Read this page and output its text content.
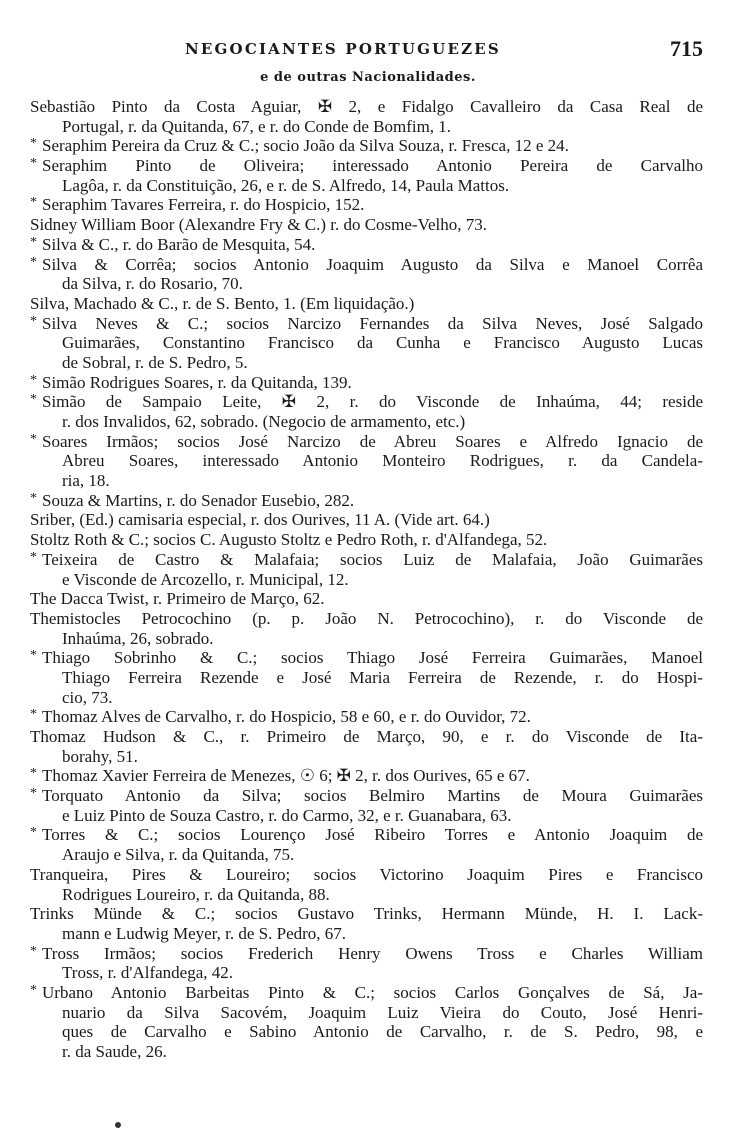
NEGOCIANTES PORTUGUEZES	715
e de outras Nacionalidades.
Sebastião Pinto da Costa Aguiar, ✠ 2, e Fidalgo Cavalleiro da Casa Real de
Portugal, r. da Quitanda, 67, e r. do Conde de Bomfim, 1.
* Seraphim Pereira da Cruz & C.; socio João da Silva Souza, r. Fresca, 12 e 24.
* Seraphim Pinto de Oliveira; interessado Antonio Pereira de Carvalho
Lagôa, r. da Constituição, 26, e r. de S. Alfredo, 14, Paula Mattos.
* Seraphim Tavares Ferreira, r. do Hospicio, 152.
Sidney William Boor (Alexandre Fry & C.) r. do Cosme-Velho, 73.
* Silva & C., r. do Barão de Mesquita, 54.
* Silva & Corrêa; socios Antonio Joaquim Augusto da Silva e Manoel Corrêa
da Silva, r. do Rosario, 70.
Silva, Machado & C., r. de S. Bento, 1. (Em liquidação.)
* Silva Neves & C.; socios Narcizo Fernandes da Silva Neves, José Salgado
Guimarães, Constantino Francisco da Cunha e Francisco Augusto Lucas
de Sobral, r. de S. Pedro, 5.
* Simão Rodrigues Soares, r. da Quitanda, 139.
* Simão de Sampaio Leite, ✠ 2, r. do Visconde de Inhaúma, 44; reside
r. dos Invalidos, 62, sobrado. (Negocio de armamento, etc.)
* Soares Irmãos; socios José Narcizo de Abreu Soares e Alfredo Ignacio de
Abreu Soares, interessado Antonio Monteiro Rodrigues, r. da Candela-
ria, 18.
* Souza & Martins, r. do Senador Eusebio, 282.
Sriber, (Ed.) camisaria especial, r. dos Ourives, 11 A. (Vide art. 64.)
Stoltz Roth & C.; socios C. Augusto Stoltz e Pedro Roth, r. d'Alfandega, 52.
* Teixeira de Castro & Malafaia; socios Luiz de Malafaia, João Guimarães
e Visconde de Arcozello, r. Municipal, 12.
The Dacca Twist, r. Primeiro de Março, 62.
Themistocles Petrocochino (p. p. João N. Petrocochino), r. do Visconde de
Inhaúma, 26, sobrado.
* Thiago Sobrinho & C.; socios Thiago José Ferreira Guimarães, Manoel
Thiago Ferreira Rezende e José Maria Ferreira de Rezende, r. do Hospi-
cio, 73.
* Thomaz Alves de Carvalho, r. do Hospicio, 58 e 60, e r. do Ouvidor, 72.
Thomaz Hudson & C., r. Primeiro de Março, 90, e r. do Visconde de Ita-
borahy, 51.
* Thomaz Xavier Ferreira de Menezes, ☉ 6; ✠ 2, r. dos Ourives, 65 e 67.
* Torquato Antonio da Silva; socios Belmiro Martins de Moura Guimarães
e Luiz Pinto de Souza Castro, r. do Carmo, 32, e r. Guanabara, 63.
* Torres & C.; socios Lourenço José Ribeiro Torres e Antonio Joaquim de
Araujo e Silva, r. da Quitanda, 75.
Tranqueira, Pires & Loureiro; socios Victorino Joaquim Pires e Francisco
Rodrigues Loureiro, r. da Quitanda, 88.
Trinks Münde & C.; socios Gustavo Trinks, Hermann Münde, H. I. Lack-
mann e Ludwig Meyer, r. de S. Pedro, 67.
* Tross Irmãos; socios Frederich Henry Owens Tross e Charles William
Tross, r. d'Alfandega, 42.
* Urbano Antonio Barbeitas Pinto & C.; socios Carlos Gonçalves de Sá, Ja-
nuario da Silva Sacovém, Joaquim Luiz Vieira do Couto, José Henri-
ques de Carvalho e Sabino Antonio de Carvalho, r. de S. Pedro, 98, e
r. da Saude, 26.
